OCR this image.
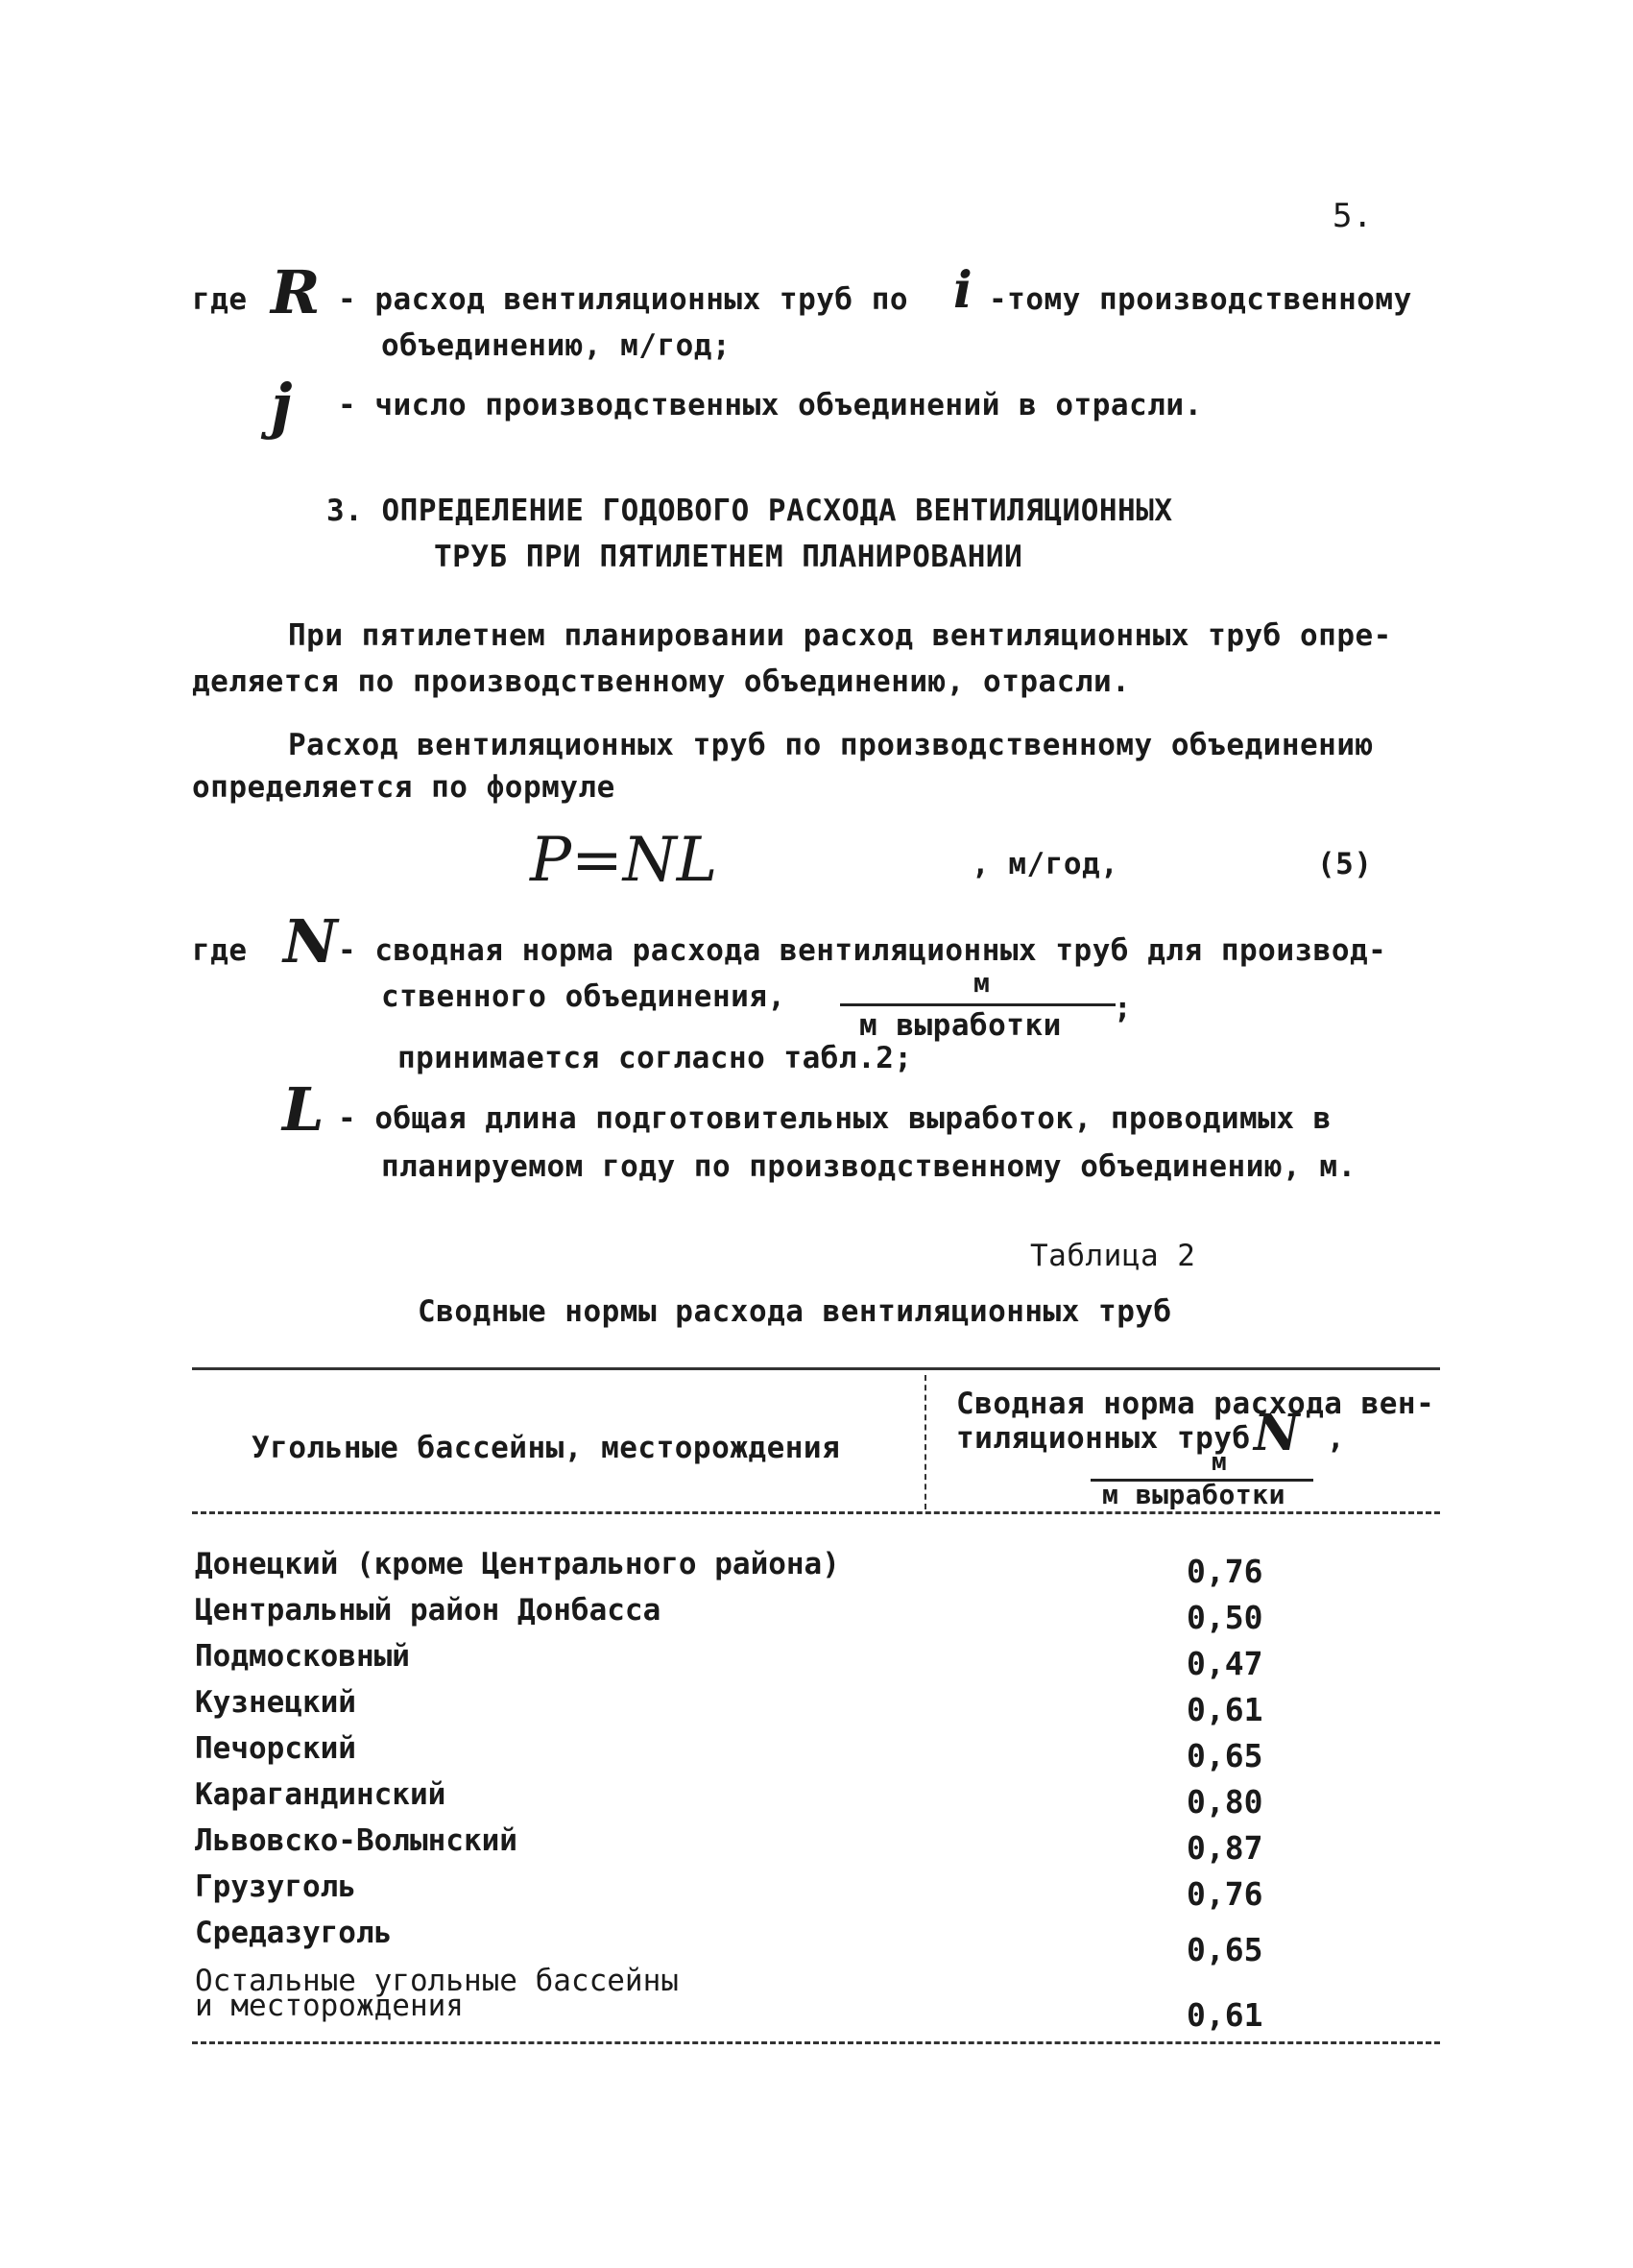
5.
где R - расход вентиляционных труб по i -тому производственному
объединению, м/год;
j - число производственных объединений в отрасли.
3. ОПРЕДЕЛЕНИЕ ГОДОВОГО РАСХОДА ВЕНТИЛЯЦИОННЫХ
ТРУБ ПРИ ПЯТИЛЕТНЕМ ПЛАНИРОВАНИИ
При пятилетнем планировании расход вентиляционных труб опре-
деляется по производственному объединению, отрасли.
Расход вентиляционных труб по производственному объединению
определяется по формуле
P=NL	, м/год,	(5)
где N - сводная норма расхода вентиляционных труб для производ-
ственного объединения,	м
м выработки ;
принимается согласно табл.2;
L - общая длина подготовительных выработок, проводимых в
планируемом году по производственному объединению, м.
Таблица 2
Сводные нормы расхода вентиляционных труб
Угольные бассейны, месторождения
Сводная норма расхода вен-
тиляционных труб N ,
м
м выработки
Донецкий (кроме Центрального района)	0,76
Центральный район Донбасса	0,50
Подмосковный	0,47
Кузнецкий	0,61
Печорский	0,65
Карагандинский	0,80
Львовско-Волынский	0,87
Грузуголь	0,76
Средазуголь	0,65
Остальные угольные бассейны
и месторождения	0,61
